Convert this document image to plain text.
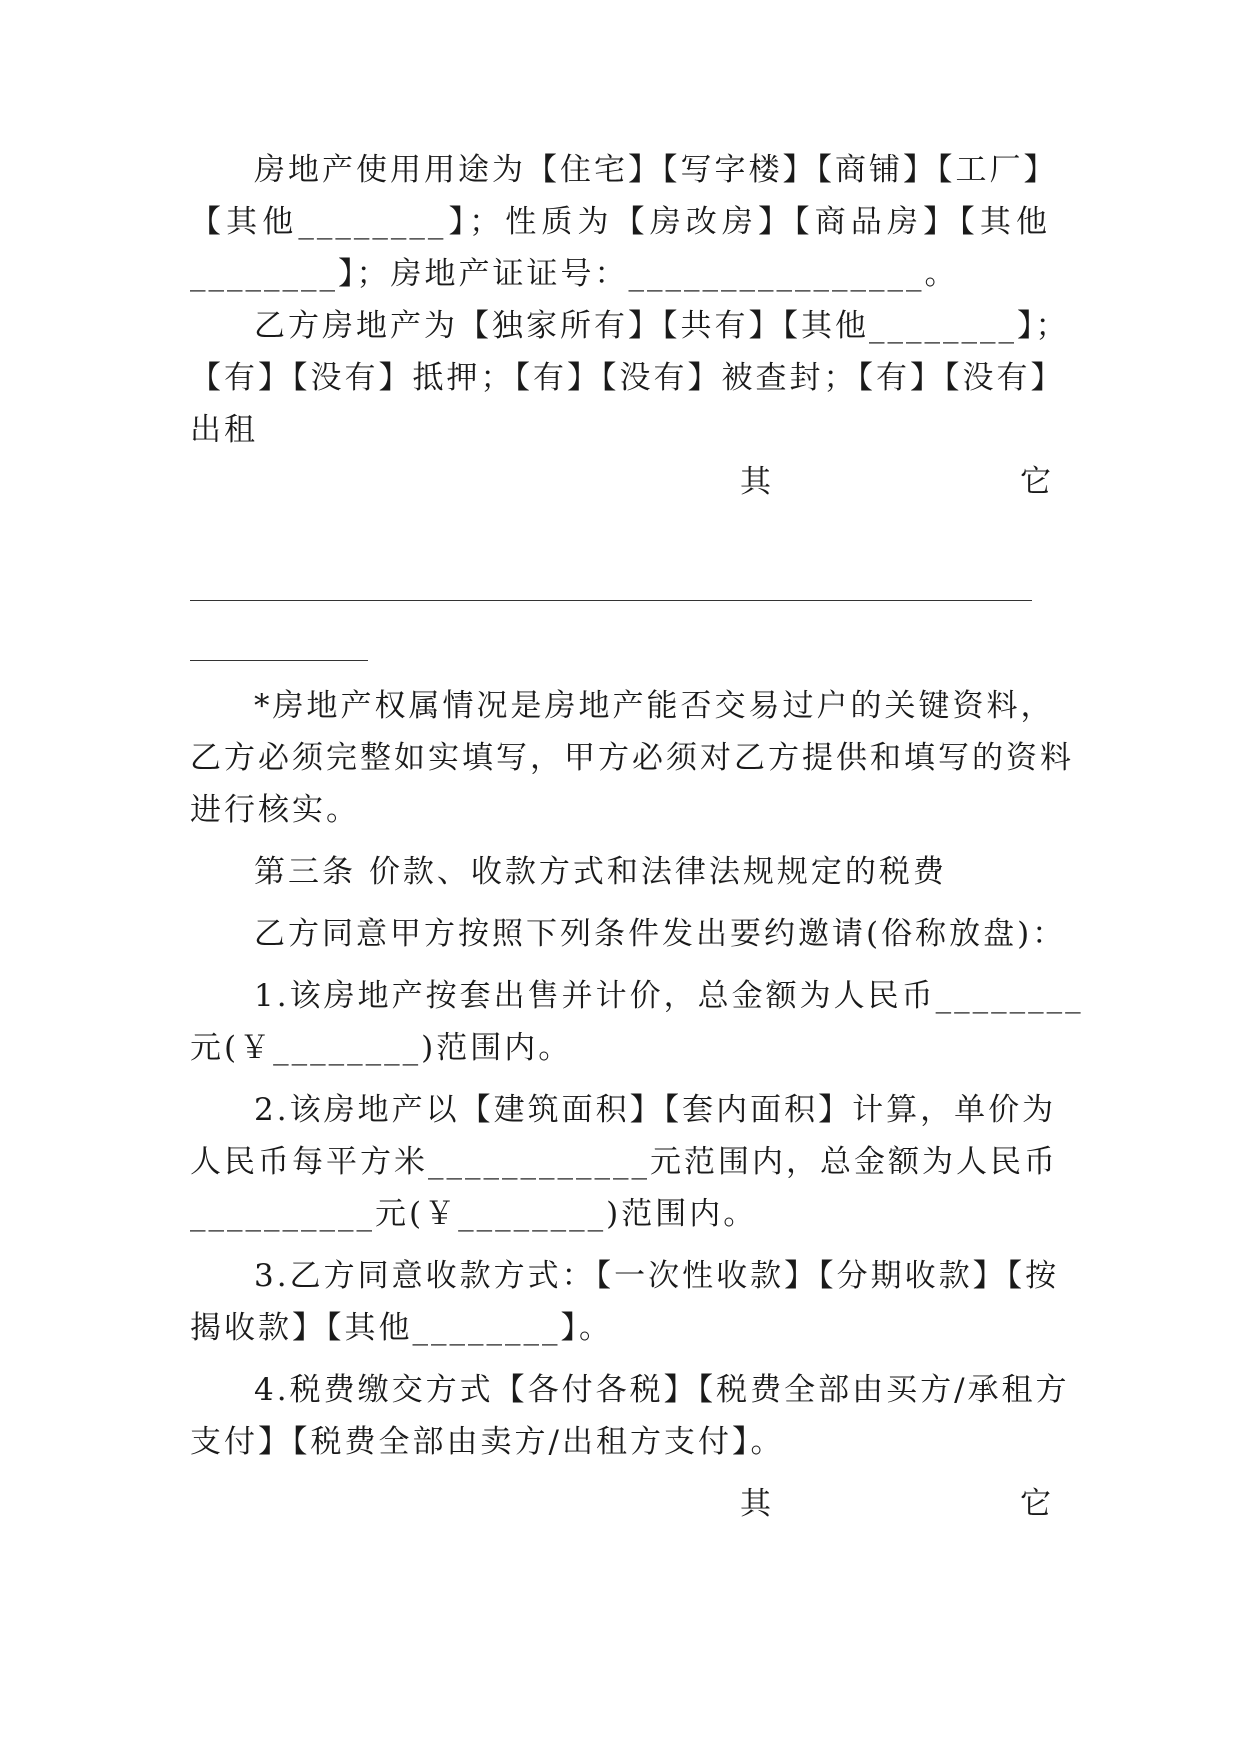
房地产使用用途为【住宅】【写字楼】【商铺】【工厂】
【其他________】；性质为【房改房】【商品房】【其他
________】；房地产证证号：________________。
乙方房地产为【独家所有】【共有】【其他________】；
【有】【没有】抵押；【有】【没有】被查封；【有】【没有】
出租
其	它
*房地产权属情况是房地产能否交易过户的关键资料，
乙方必须完整如实填写，甲方必须对乙方提供和填写的资料
进行核实。
第三条 价款、收款方式和法律法规规定的税费
乙方同意甲方按照下列条件发出要约邀请(俗称放盘)：
1.该房地产按套出售并计价，总金额为人民币________
元(￥________)范围内。
2.该房地产以【建筑面积】【套内面积】计算，单价为
人民币每平方米____________元范围内，总金额为人民币
__________元(￥________)范围内。
3.乙方同意收款方式：【一次性收款】【分期收款】【按
揭收款】【其他________】。
4.税费缴交方式【各付各税】【税费全部由买方/承租方
支付】【税费全部由卖方/出租方支付】。
其	它
